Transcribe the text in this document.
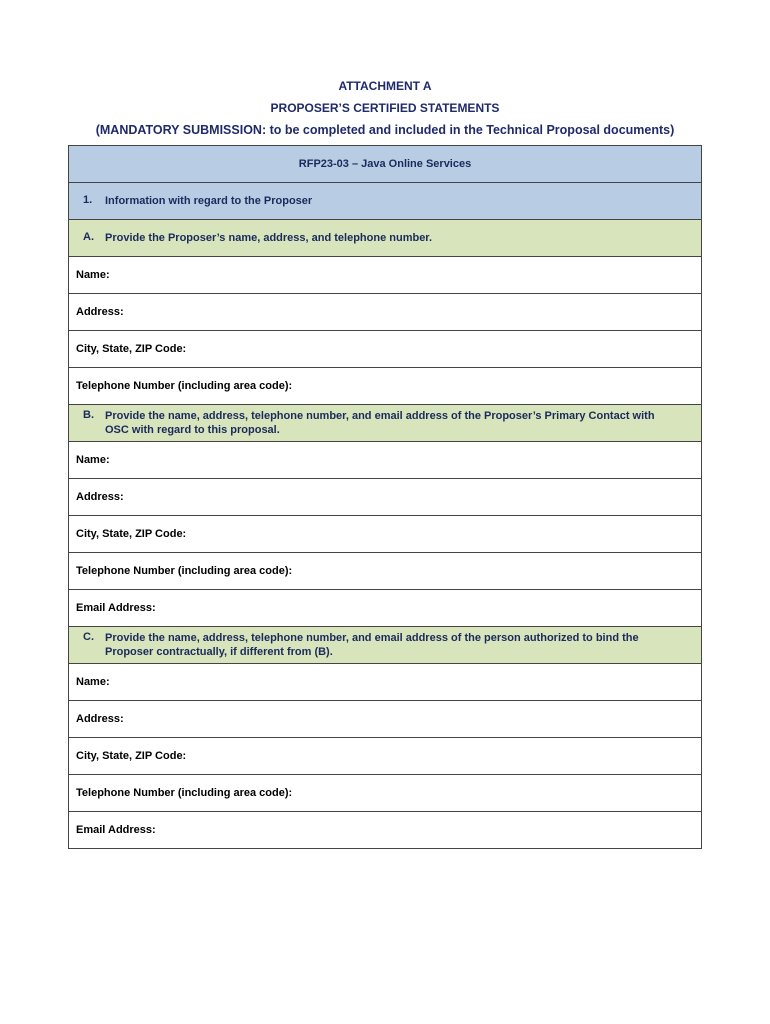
ATTACHMENT A
PROPOSER’S CERTIFIED STATEMENTS
(MANDATORY SUBMISSION: to be completed and included in the Technical Proposal documents)
RFP23-03 – Java Online Services
1. Information with regard to the Proposer
A. Provide the Proposer’s name, address, and telephone number.
Name:
Address:
City, State, ZIP Code:
Telephone Number (including area code):
B. Provide the name, address, telephone number, and email address of the Proposer’s Primary Contact with OSC with regard to this proposal.
Name:
Address:
City, State, ZIP Code:
Telephone Number (including area code):
Email Address:
C. Provide the name, address, telephone number, and email address of the person authorized to bind the Proposer contractually, if different from (B).
Name:
Address:
City, State, ZIP Code:
Telephone Number (including area code):
Email Address:
